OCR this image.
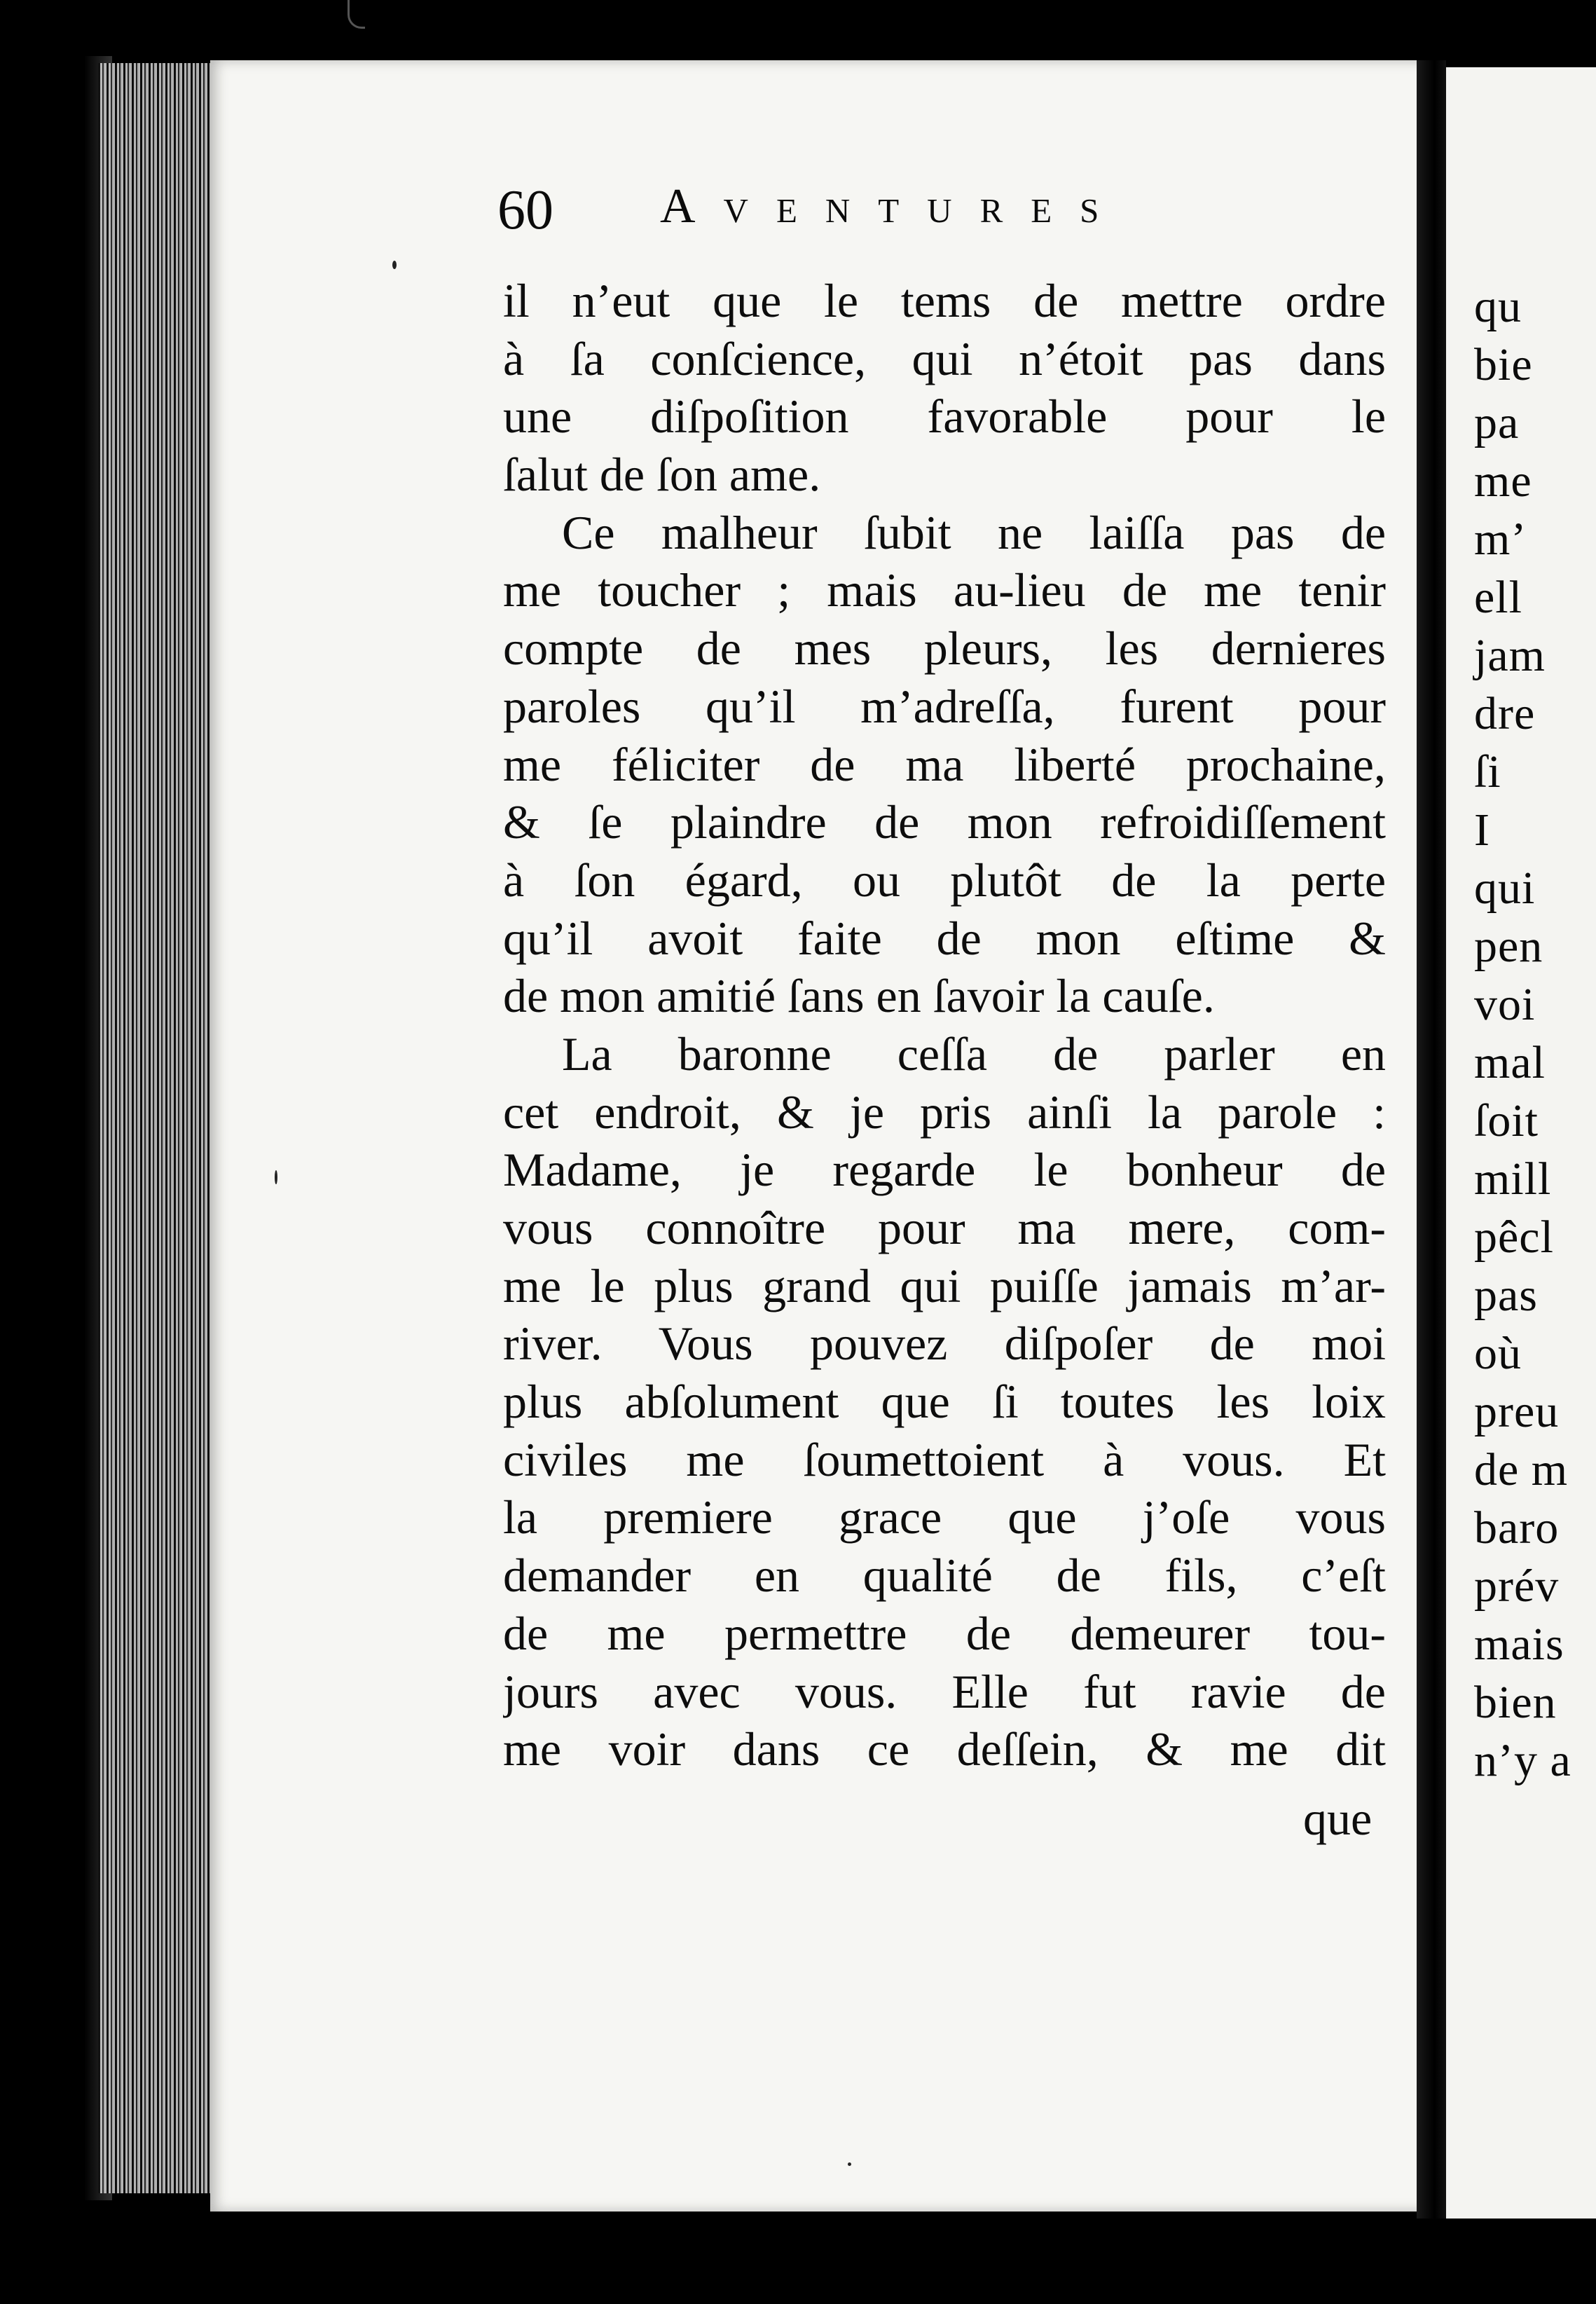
60 Aventures
il n’eut que le tems de mettre ordre
à ſa conſcience, qui n’étoit pas dans
une diſpoſition favorable pour le
ſalut de ſon ame.
Ce malheur ſubit ne laiſſa pas de
me toucher ; mais au-lieu de me tenir
compte de mes pleurs, les dernieres
paroles qu’il m’adreſſa, furent pour
me féliciter de ma liberté prochaine,
& ſe plaindre de mon refroidiſſement
à ſon égard, ou plutôt de la perte
qu’il avoit faite de mon eſtime &
de mon amitié ſans en ſavoir la cauſe.
La baronne ceſſa de parler en
cet endroit, & je pris ainſi la parole :
Madame, je regarde le bonheur de
vous connoître pour ma mere, com-
me le plus grand qui puiſſe jamais m’ar-
river. Vous pouvez diſpoſer de moi
plus abſolument que ſi toutes les loix
civiles me ſoumettoient à vous. Et
la premiere grace que j’oſe vous
demander en qualité de fils, c’eſt
de me permettre de demeurer tou-
jours avec vous. Elle fut ravie de
me voir dans ce deſſein, & me dit
que
qu
bie
pa
me
m’
ell
jam
dre
ſi
I
qui
pen
voi
mal
ſoit
mill
pêcl
pas
où
preu
de m
baro
prév
mais
bien
n’y a
